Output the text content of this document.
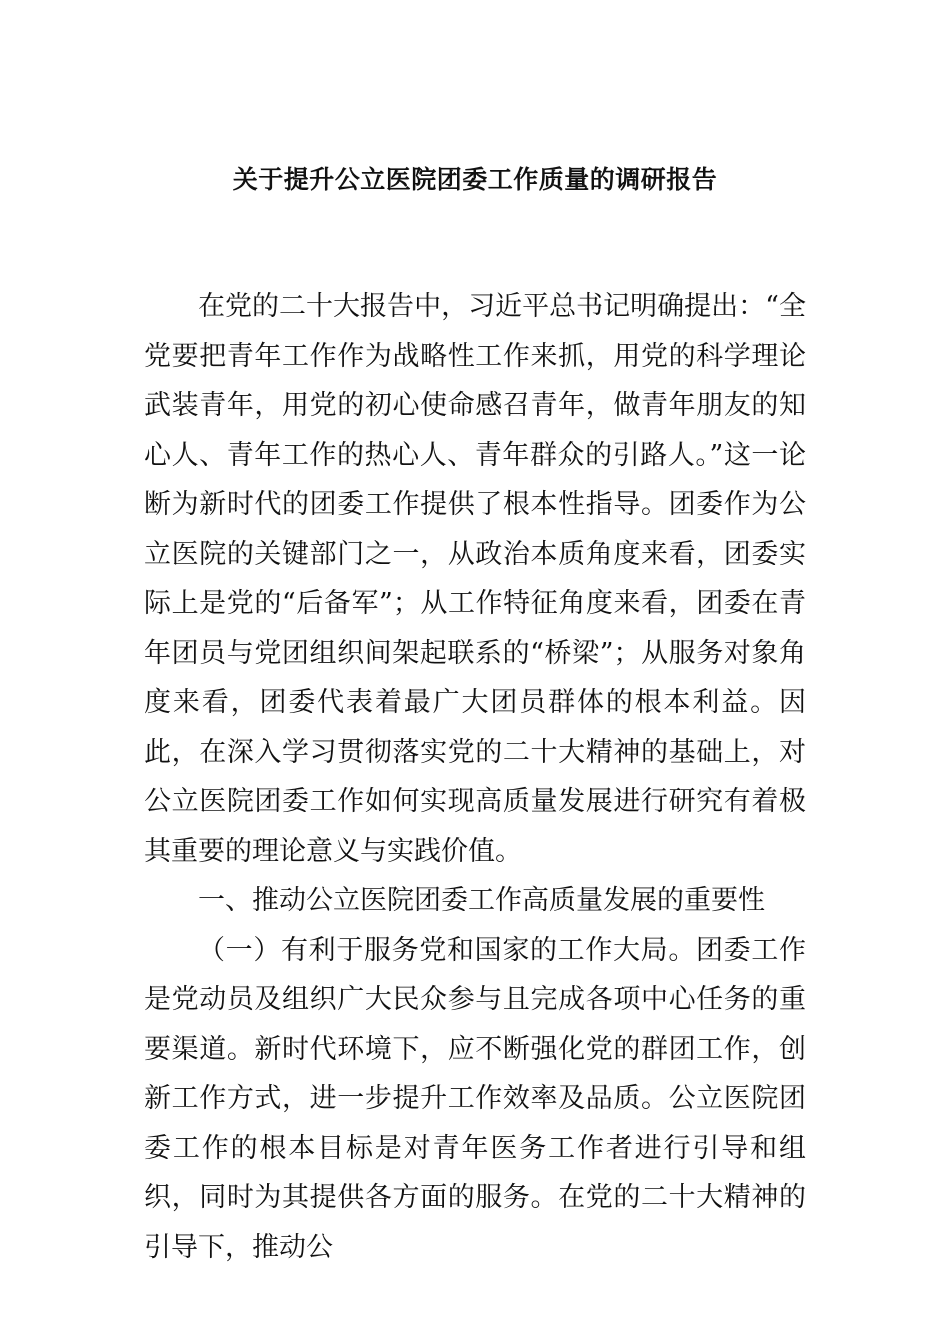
关于提升公立医院团委工作质量的调研报告

在党的二十大报告中，习近平总书记明确提出：“全党要把青年工作作为战略性工作来抓，用党的科学理论武装青年，用党的初心使命感召青年，做青年朋友的知心人、青年工作的热心人、青年群众的引路人。”这一论断为新时代的团委工作提供了根本性指导。团委作为公立医院的关键部门之一，从政治本质角度来看，团委实际上是党的“后备军”；从工作特征角度来看，团委在青年团员与党团组织间架起联系的“桥梁”；从服务对象角度来看，团委代表着最广大团员群体的根本利益。因此，在深入学习贯彻落实党的二十大精神的基础上，对公立医院团委工作如何实现高质量发展进行研究有着极其重要的理论意义与实践价值。

一、推动公立医院团委工作高质量发展的重要性

（一）有利于服务党和国家的工作大局。团委工作是党动员及组织广大民众参与且完成各项中心任务的重要渠道。新时代环境下，应不断强化党的群团工作，创新工作方式，进一步提升工作效率及品质。公立医院团委工作的根本目标是对青年医务工作者进行引导和组织，同时为其提供各方面的服务。在党的二十大精神的引导下，推动公
